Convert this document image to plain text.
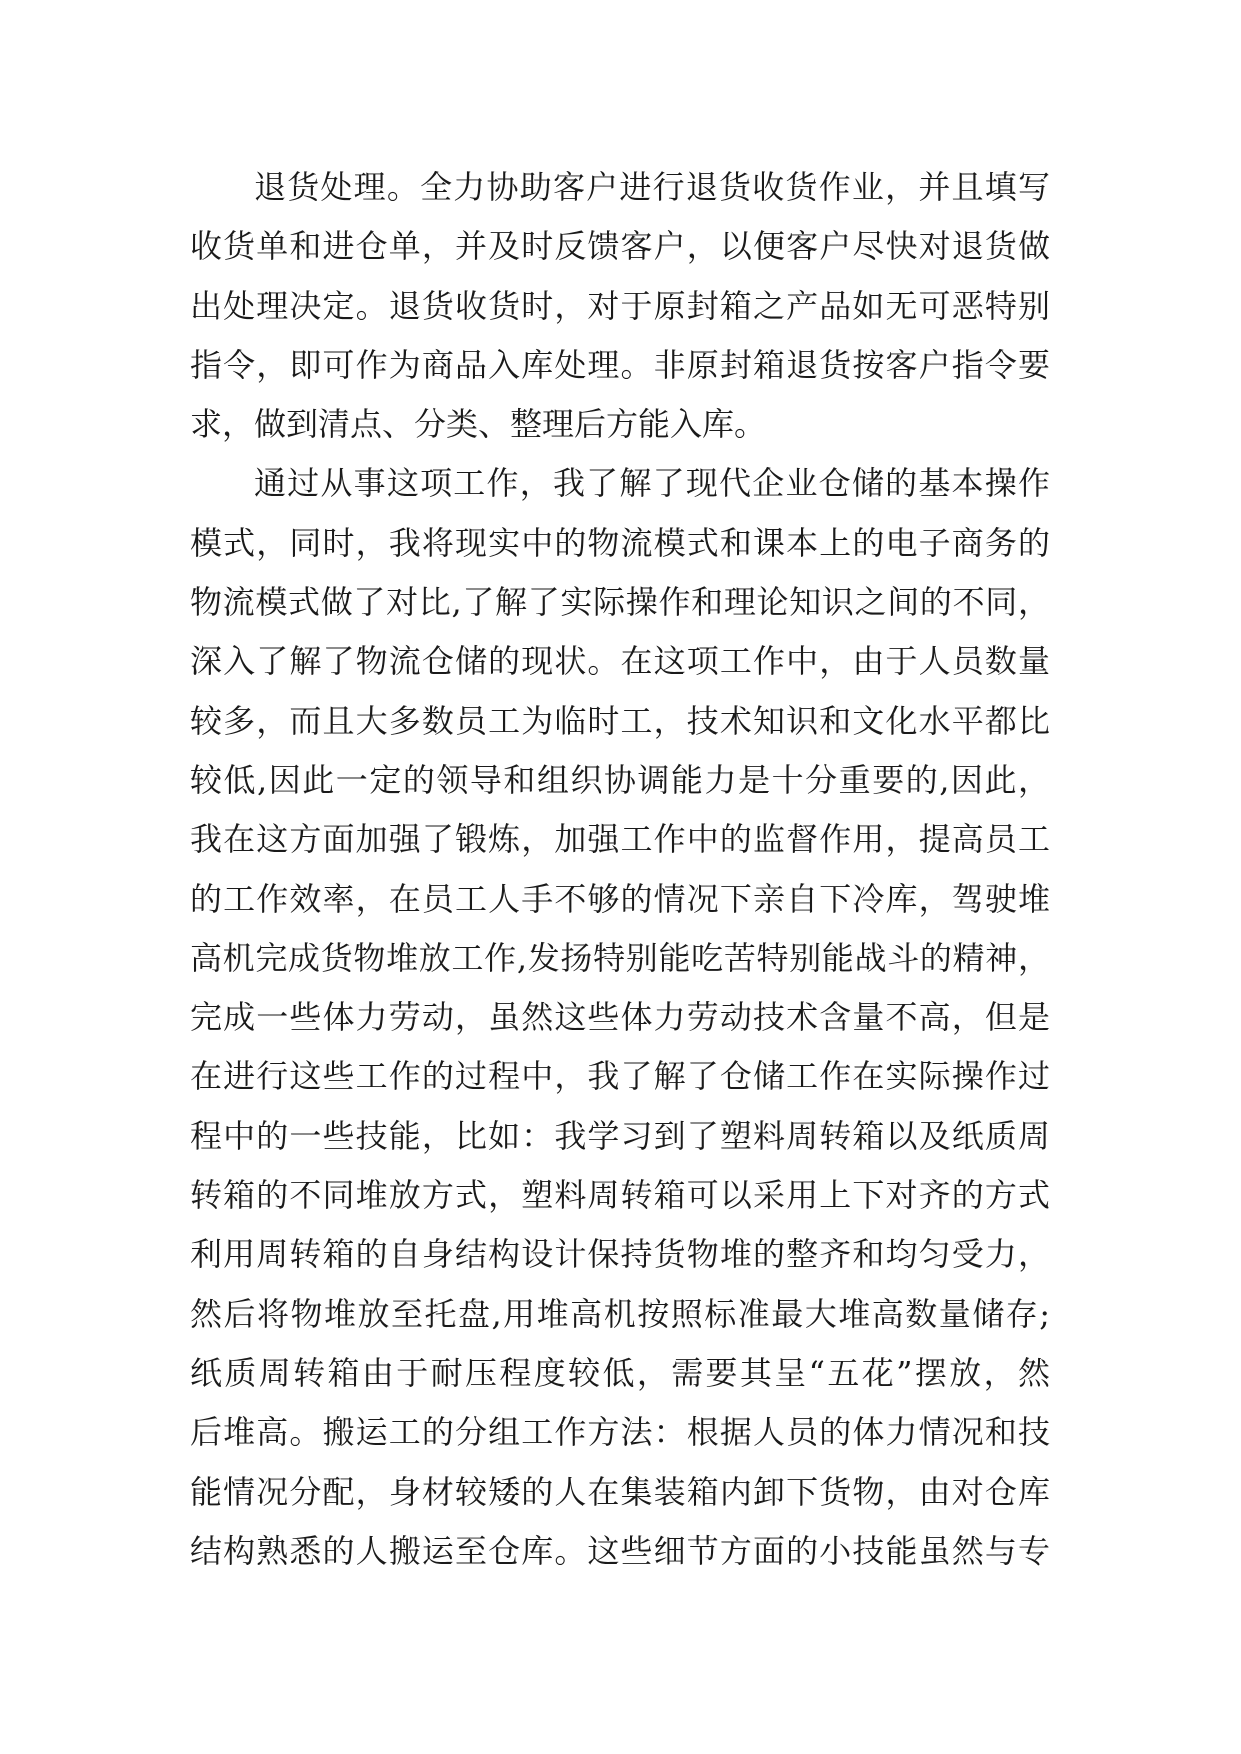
退货处理。全力协助客户进行退货收货作业，并且填写
收货单和进仓单，并及时反馈客户，以便客户尽快对退货做
出处理决定。退货收货时，对于原封箱之产品如无可恶特别
指令，即可作为商品入库处理。非原封箱退货按客户指令要
求，做到清点、分类、整理后方能入库。
通过从事这项工作，我了解了现代企业仓储的基本操作
模式，同时，我将现实中的物流模式和课本上的电子商务的
物流模式做了对比,了解了实际操作和理论知识之间的不同，
深入了解了物流仓储的现状。在这项工作中，由于人员数量
较多，而且大多数员工为临时工，技术知识和文化水平都比
较低,因此一定的领导和组织协调能力是十分重要的,因此，
我在这方面加强了锻炼，加强工作中的监督作用，提高员工
的工作效率，在员工人手不够的情况下亲自下冷库，驾驶堆
高机完成货物堆放工作,发扬特别能吃苦特别能战斗的精神，
完成一些体力劳动，虽然这些体力劳动技术含量不高，但是
在进行这些工作的过程中，我了解了仓储工作在实际操作过
程中的一些技能，比如：我学习到了塑料周转箱以及纸质周
转箱的不同堆放方式，塑料周转箱可以采用上下对齐的方式
利用周转箱的自身结构设计保持货物堆的整齐和均匀受力，
然后将物堆放至托盘,用堆高机按照标准最大堆高数量储存;
纸质周转箱由于耐压程度较低，需要其呈“五花”摆放，然
后堆高。搬运工的分组工作方法：根据人员的体力情况和技
能情况分配，身材较矮的人在集装箱内卸下货物，由对仓库
结构熟悉的人搬运至仓库。这些细节方面的小技能虽然与专
